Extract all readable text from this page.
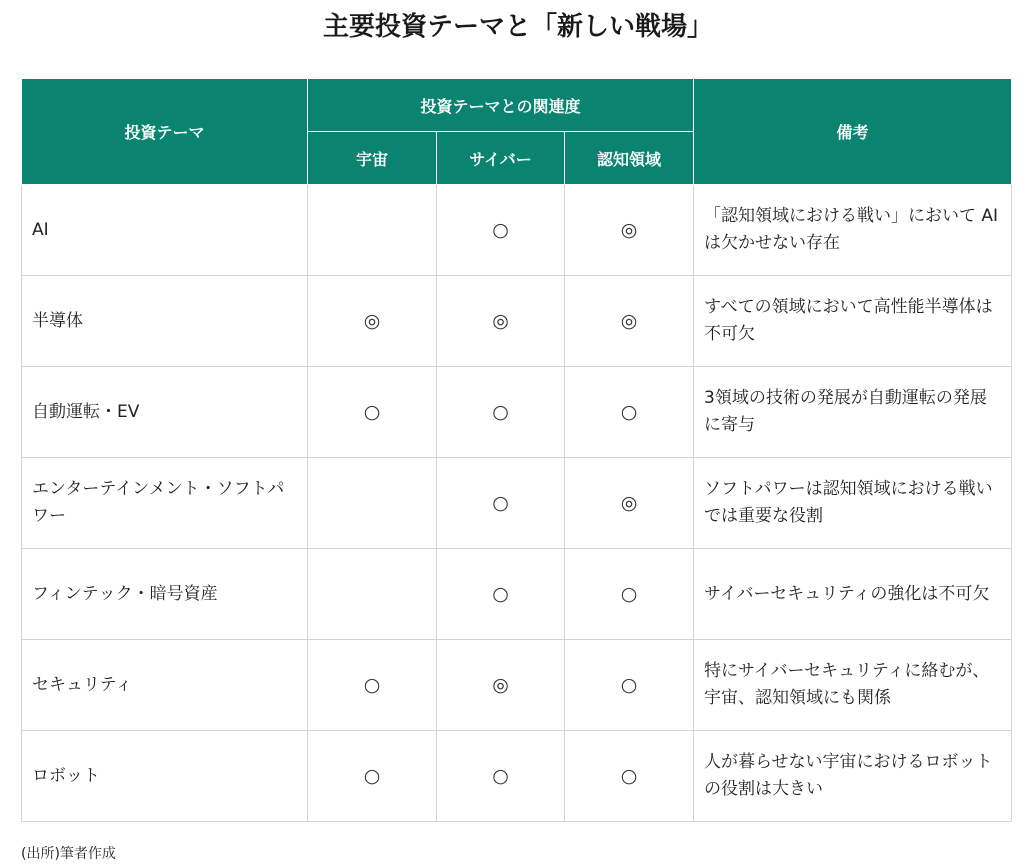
主要投資テーマと「新しい戦場」
投資テーマ	投資テーマとの関連度			備考
	宇宙	サイバー	認知領域	
AI		○	◎	「認知領域における戦い」において AIは欠かせない存在
半導体	◎	◎	◎	すべての領域において高性能半導体は不可欠
自動運転・EV	○	○	○	3領域の技術の発展が自動運転の発展に寄与
エンターテインメント・ソフトパワー		○	◎	ソフトパワーは認知領域における戦いでは重要な役割
フィンテック・暗号資産		○	○	サイバーセキュリティの強化は不可欠
セキュリティ	○	◎	○	特にサイバーセキュリティに絡むが、宇宙、認知領域にも関係
ロボット	○	○	○	人が暮らせない宇宙におけるロボットの役割は大きい
(出所)筆者作成
